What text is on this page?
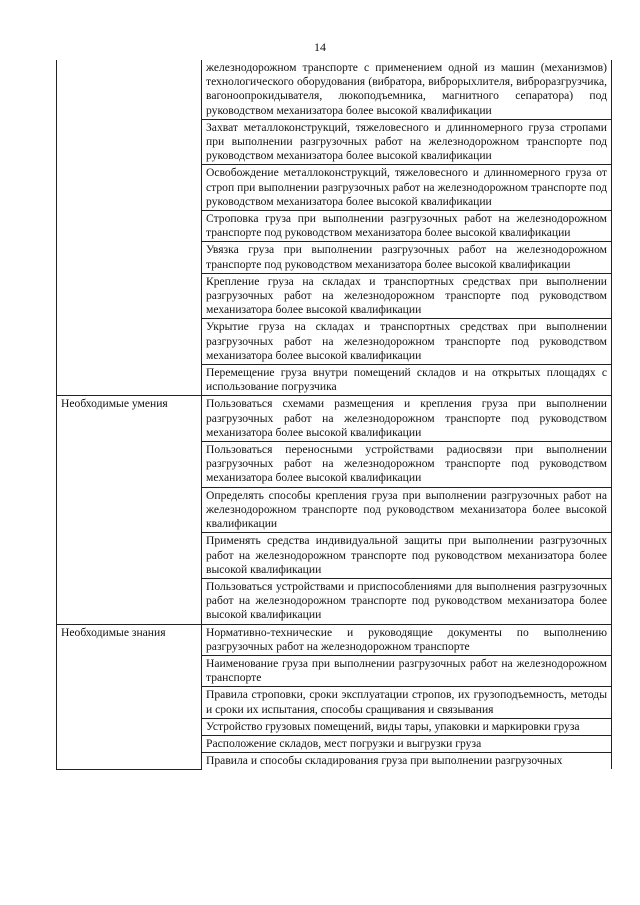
14
	железнодорожном транспорте с применением одной из машин (механизмов) технологического оборудования (вибратора, виброрыхлителя, виброразгрузчика, вагоноопрокидывателя, люкоподъемника, магнитного сепаратора) под руководством механизатора более высокой квалификации
	Захват металлоконструкций, тяжеловесного и длинномерного груза стропами при выполнении разгрузочных работ на железнодорожном транспорте под руководством механизатора более высокой квалификации
	Освобождение металлоконструкций, тяжеловесного и длинномерного груза от строп при выполнении разгрузочных работ на железнодорожном транспорте под руководством механизатора более высокой квалификации
	Строповка груза при выполнении разгрузочных работ на железнодорожном транспорте под руководством механизатора более высокой квалификации
	Увязка груза при выполнении разгрузочных работ на железнодорожном транспорте под руководством механизатора более высокой квалификации
	Крепление груза на складах и транспортных средствах при выполнении разгрузочных работ на железнодорожном транспорте под руководством механизатора более высокой квалификации
	Укрытие груза на складах и транспортных средствах при выполнении разгрузочных работ на железнодорожном транспорте под руководством механизатора более высокой квалификации
	Перемещение груза внутри помещений складов и на открытых площадях с использование погрузчика
Необходимые умения	Пользоваться схемами размещения и крепления груза при выполнении разгрузочных работ на железнодорожном транспорте под руководством механизатора более высокой квалификации
	Пользоваться переносными устройствами радиосвязи при выполнении разгрузочных работ на железнодорожном транспорте под руководством механизатора более высокой квалификации
	Определять способы крепления груза при выполнении разгрузочных работ на железнодорожном транспорте под руководством механизатора более высокой квалификации
	Применять средства индивидуальной защиты при выполнении разгрузочных работ на железнодорожном транспорте под руководством механизатора более высокой квалификации
	Пользоваться устройствами и приспособлениями для выполнения разгрузочных работ на железнодорожном транспорте под руководством механизатора более высокой квалификации
Необходимые знания	Нормативно-технические и руководящие документы по выполнению разгрузочных работ на железнодорожном транспорте
	Наименование груза при выполнении разгрузочных работ на железнодорожном транспорте
	Правила строповки, сроки эксплуатации стропов, их грузоподъемность, методы и сроки их испытания, способы сращивания и связывания
	Устройство грузовых помещений, виды тары, упаковки и маркировки груза
	Расположение складов, мест погрузки и выгрузки груза
	Правила и способы складирования груза при выполнении разгрузочных
